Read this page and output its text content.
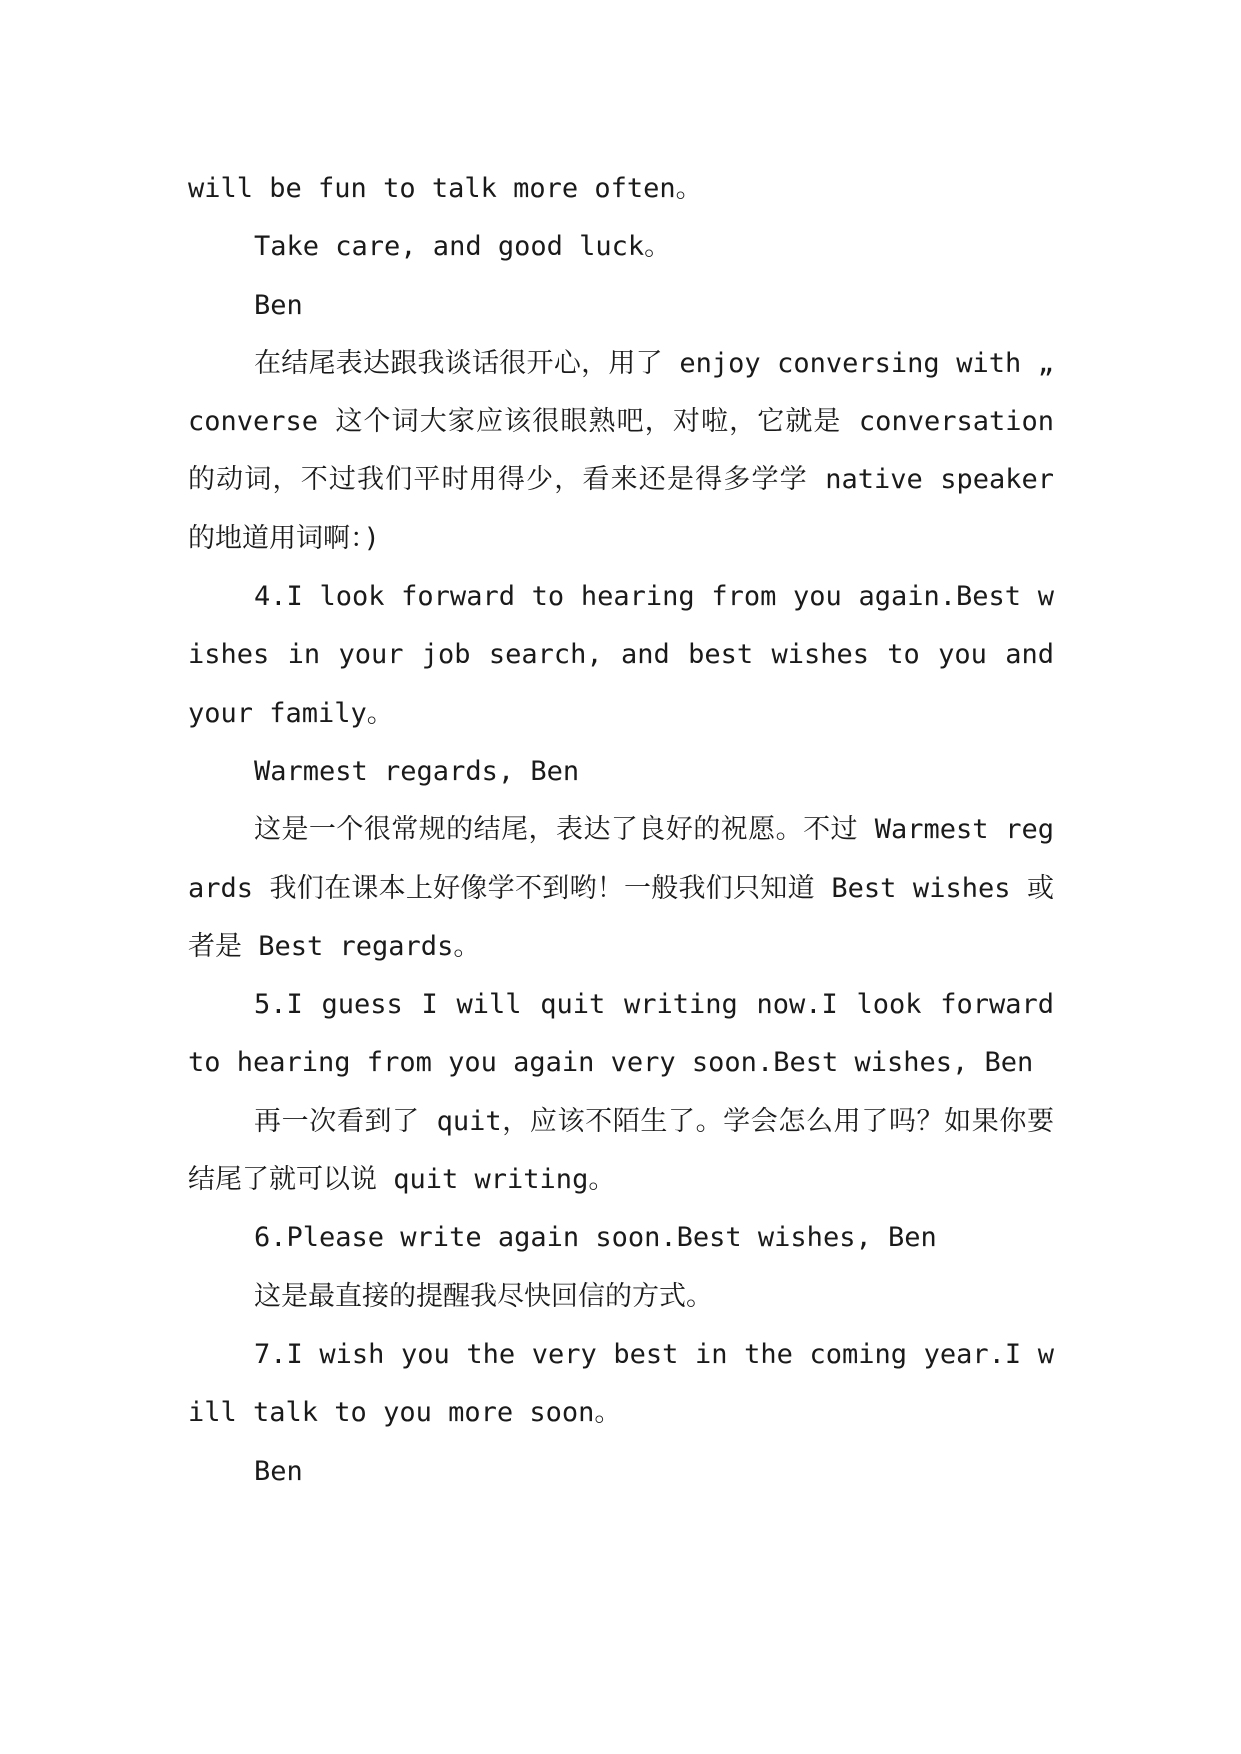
will be fun to talk more often。

Take care, and good luck。

Ben

在结尾表达跟我谈话很开心，用了 enjoy conversing with „ converse 这个词大家应该很眼熟吧，对啦，它就是 conversation 的动词，不过我们平时用得少，看来还是得多学学 native speaker 的地道用词啊：)

4.I look forward to hearing from you again.Best wishes in your job search, and best wishes to you and your family。

Warmest regards, Ben

这是一个很常规的结尾，表达了良好的祝愿。不过 Warmest regards 我们在课本上好像学不到哟！一般我们只知道 Best wishes 或者是 Best regards。

5.I guess I will quit writing now.I look forward to hearing from you again very soon.Best wishes, Ben

再一次看到了 quit，应该不陌生了。学会怎么用了吗？如果你要结尾了就可以说 quit writing。

6.Please write again soon.Best wishes, Ben

这是最直接的提醒我尽快回信的方式。

7.I wish you the very best in the coming year.I will talk to you more soon。

Ben
